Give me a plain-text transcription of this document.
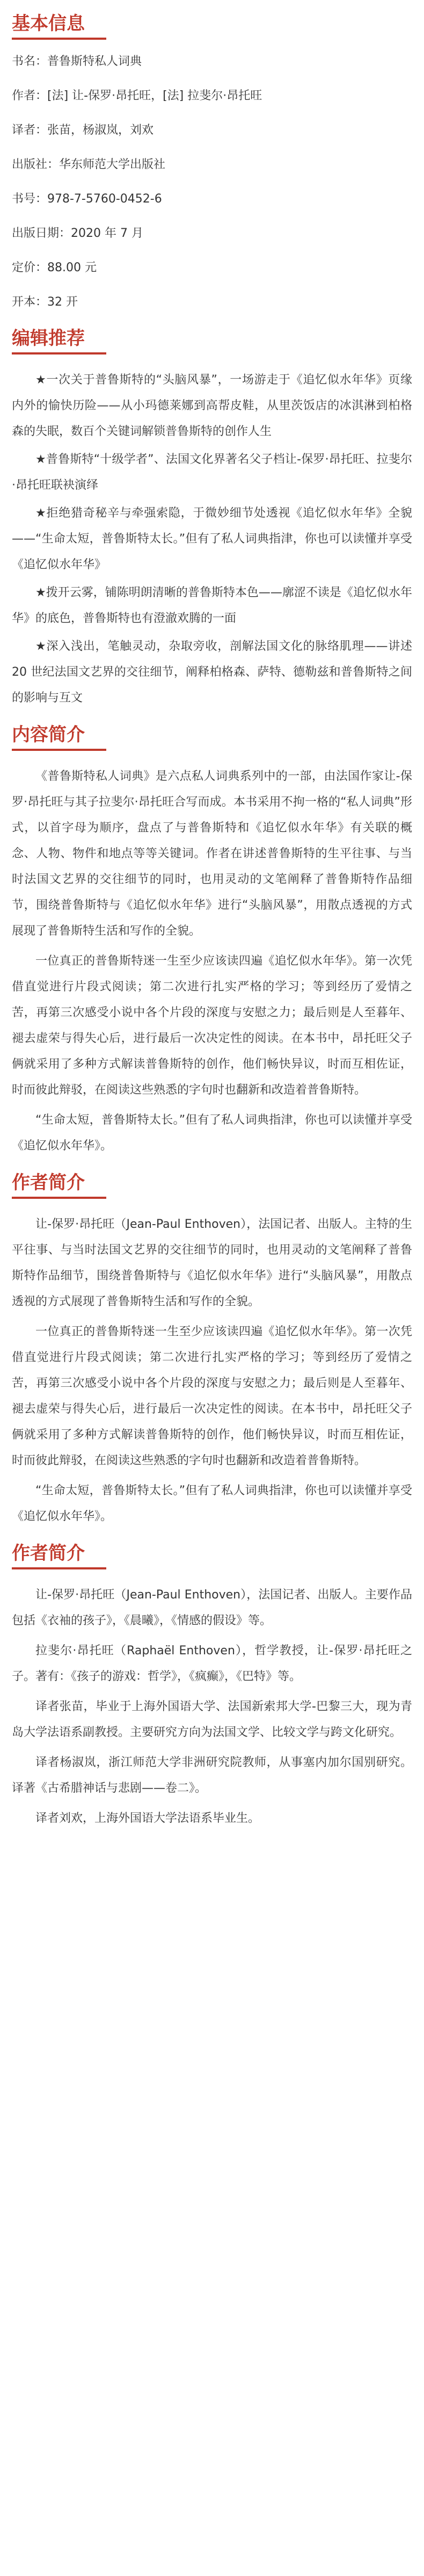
基本信息
书名：普鲁斯特私人词典
作者：[法] 让-保罗·昂托旺，[法] 拉斐尔·昂托旺
译者：张苗，杨淑岚，刘欢
出版社：华东师范大学出版社
书号：978-7-5760-0452-6
出版日期：2020 年 7 月
定价：88.00 元
开本：32 开
编辑推荐
★一次关于普鲁斯特的“头脑风暴”，一场游走于《追忆似水年华》页缘内外的愉快历险——从小玛德莱娜到高帮皮鞋，从里茨饭店的冰淇淋到柏格森的失眠，数百个关键词解锁普鲁斯特的创作人生
★普鲁斯特“十级学者”、法国文化界著名父子档让-保罗·昂托旺、拉斐尔·昂托旺联袂演绎
★拒绝猎奇秘辛与牵强索隐，于微妙细节处透视《追忆似水年华》全貌——“生命太短，普鲁斯特太长。”但有了私人词典指津，你也可以读懂并享受《追忆似水年华》
★拨开云雾，铺陈明朗清晰的普鲁斯特本色——廓涩不读是《追忆似水年华》的底色，普鲁斯特也有澄澈欢腾的一面
★深入浅出，笔触灵动，杂取旁收，剖解法国文化的脉络肌理——讲述 20 世纪法国文艺界的交往细节，阐释柏格森、萨特、德勒兹和普鲁斯特之间的影响与互文
内容简介

《普鲁斯特私人词典》是六点私人词典系列中的一部，由法国作家让-保罗·昂托旺与其子拉斐尔·昂托旺合写而成。本书采用不拘一格的“私人词典”形式，以首字母为顺序，盘点了与普鲁斯特和《追忆似水年华》有关联的概念、人物、物件和地点等等关键词。作者在讲述普鲁斯特的生平往事、与当时法国文艺界的交往细节的同时，也用灵动的文笔阐释了普鲁斯特作品细节，围绕普鲁斯特与《追忆似水年华》进行“头脑风暴”，用散点透视的方式展现了普鲁斯特生活和写作的全貌。

一位真正的普鲁斯特迷一生至少应该读四遍《追忆似水年华》。第一次凭借直觉进行片段式阅读；第二次进行扎实严格的学习；等到经历了爱情之苦，再第三次感受小说中各个片段的深度与安慰之力；最后则是人至暮年、褪去虚荣与得失心后，进行最后一次决定性的阅读。在本书中，昂托旺父子俩就采用了多种方式解读普鲁斯特的创作，他们畅快异议，时而互相佐证，时而彼此辩驳，在阅读这些熟悉的字句时也翻新和改造着普鲁斯特。

“生命太短，普鲁斯特太长。”但有了私人词典指津，你也可以读懂并享受《追忆似水年华》。

作者简介

让-保罗·昂托旺（Jean-Paul Enthoven），法国记者、出版人。主特的生平往事、与当时法国文艺界的交往细节的同时，也用灵动的文笔阐释了普鲁斯特作品细节，围绕普鲁斯特与《追忆似水年华》进行“头脑风暴”，用散点透视的方式展现了普鲁斯特生活和写作的全貌。

一位真正的普鲁斯特迷一生至少应该读四遍《追忆似水年华》。第一次凭借直觉进行片段式阅读；第二次进行扎实严格的学习；等到经历了爱情之苦，再第三次感受小说中各个片段的深度与安慰之力；最后则是人至暮年、褪去虚荣与得失心后，进行最后一次决定性的阅读。在本书中，昂托旺父子俩就采用了多种方式解读普鲁斯特的创作，他们畅快异议，时而互相佐证，时而彼此辩驳，在阅读这些熟悉的字句时也翻新和改造着普鲁斯特。

“生命太短，普鲁斯特太长。”但有了私人词典指津，你也可以读懂并享受《追忆似水年华》。

作者简介

让-保罗·昂托旺（Jean-Paul Enthoven），法国记者、出版人。主要作品包括《衣袖的孩子》，《晨曦》，《情感的假设》等。

拉斐尔·昂托旺（Raphaël Enthoven），哲学教授，让-保罗·昂托旺之子。著有：《孩子的游戏：哲学》，《疯癫》，《巴特》等。

译者张苗，毕业于上海外国语大学、法国新索邦大学-巴黎三大，现为青岛大学法语系副教授。主要研究方向为法国文学、比较文学与跨文化研究。

译者杨淑岚，浙江师范大学非洲研究院教师，从事塞内加尔国别研究。译著《古希腊神话与悲剧——卷二》。

译者刘欢，上海外国语大学法语系毕业生。
